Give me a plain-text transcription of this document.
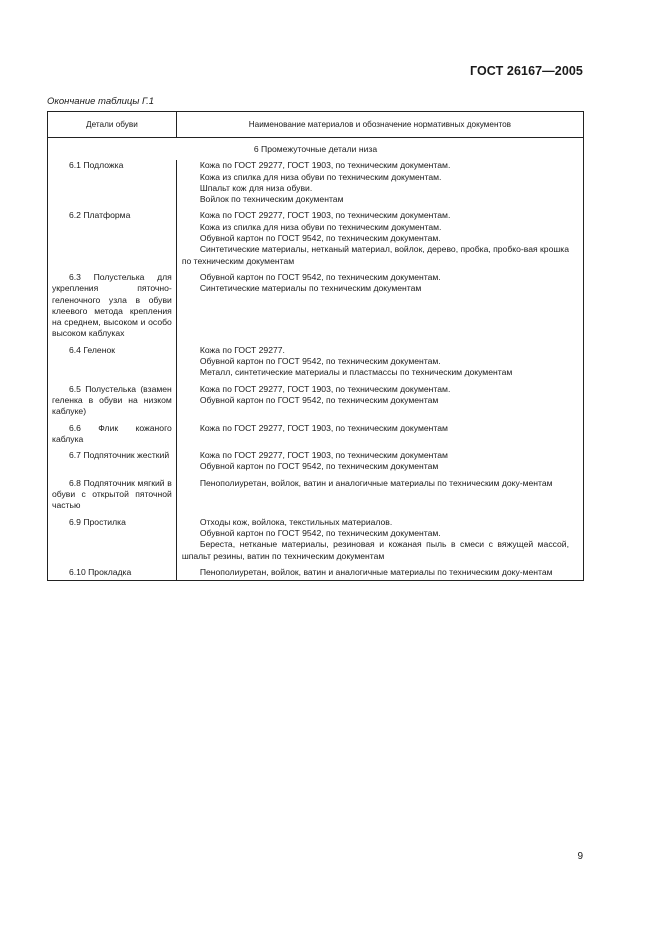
ГОСТ 26167—2005
Окончание таблицы Г.1
Детали обуви	Наименование материалов и обозначение нормативных документов
6 Промежуточные детали низа	
6.1 Подложка	Кожа по ГОСТ 29277, ГОСТ 1903, по техническим документам.
Кожа из спилка для низа обуви по техническим документам.
Шпальт кож для низа обуви.
Войлок по техническим документам

6.2 Платформа	Кожа по ГОСТ 29277, ГОСТ 1903, по техническим документам.
Кожа из спилка для низа обуви по техническим документам.
Обувной картон по ГОСТ 9542, по техническим документам.
Синтетические материалы, нетканый материал, войлок, дерево, пробка, пробко-вая крошка по техническим документам

6.3 Полустелька для укрепления пяточно-геленочного узла в обуви клеевого метода крепления на среднем, высоком и особо высоком каблуках	Обувной картон по ГОСТ 9542, по техническим документам.
Синтетические материалы по техническим документам

6.4 Геленок	Кожа по ГОСТ 29277.
Обувной картон по ГОСТ 9542, по техническим документам.
Металл, синтетические материалы и пластмассы по техническим документам

6.5 Полустелька (взамен геленка в обуви на низком каблуке)	Кожа по ГОСТ 29277, ГОСТ 1903, по техническим документам.
Обувной картон по ГОСТ 9542, по техническим документам

6.6 Флик кожаного каблука	Кожа по ГОСТ 29277, ГОСТ 1903, по техническим документам

6.7 Подпяточник жесткий	Кожа по ГОСТ 29277, ГОСТ 1903, по техническим документам
Обувной картон по ГОСТ 9542, по техническим документам

6.8 Подпяточник мягкий в обуви с открытой пяточной частью	Пенополиуретан, войлок, ватин и аналогичные материалы по техническим доку-ментам

6.9 Простилка	Отходы кож, войлока, текстильных материалов.
Обувной картон по ГОСТ 9542, по техническим документам.
Береста, нетканые материалы, резиновая и кожаная пыль в смеси с вяжущей массой, шпальт резины, ватин по техническим документам

6.10 Прокладка	Пенополиуретан, войлок, ватин и аналогичные материалы по техническим доку-ментам
9
